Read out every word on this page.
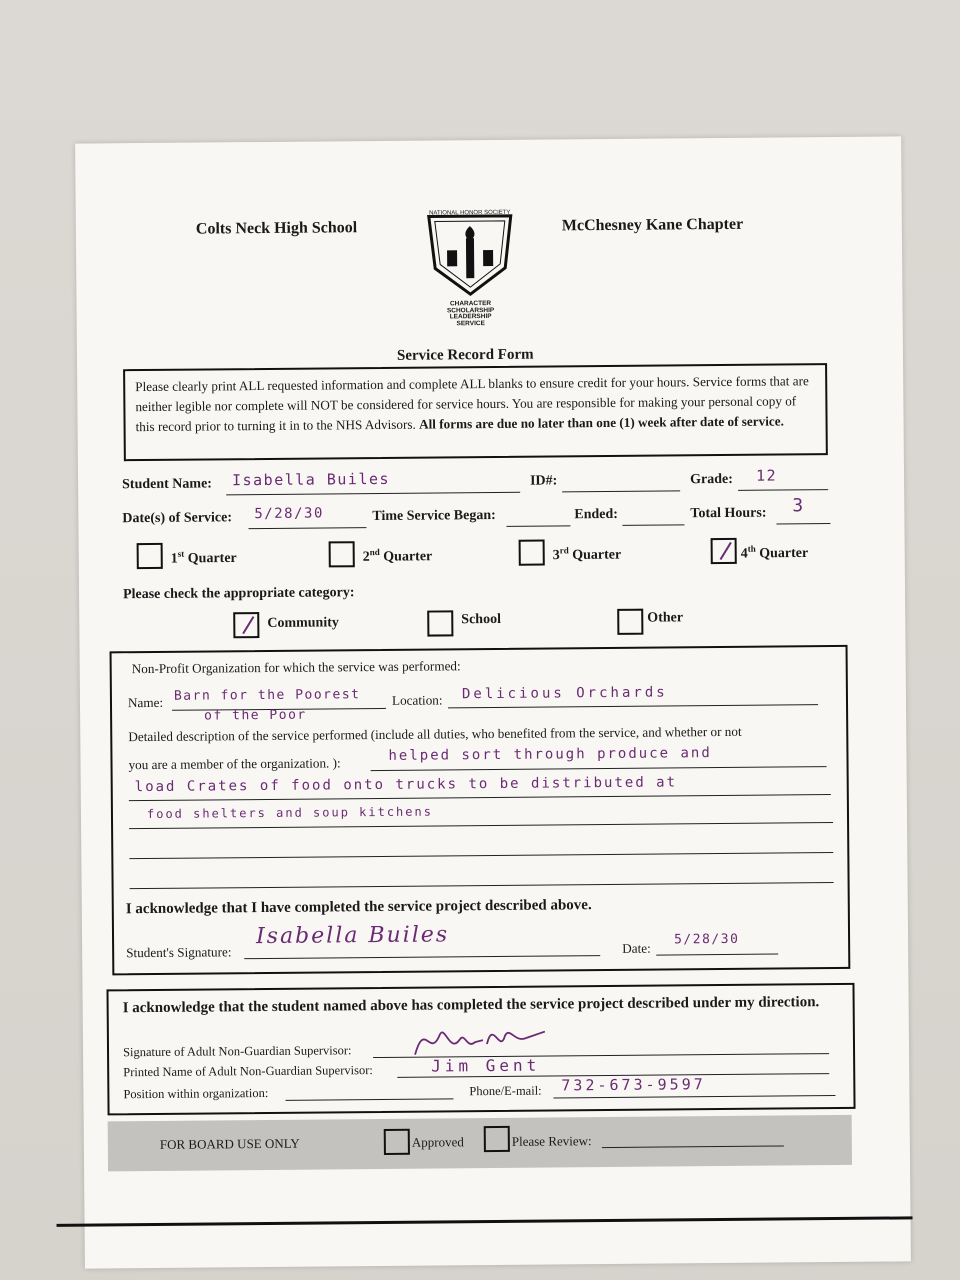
Colts Neck High School	McChesney Kane Chapter
NATIONAL HONOR SOCIETY
CHARACTER
SCHOLARSHIP
LEADERSHIP
SERVICE
Service Record Form
Please clearly print ALL requested information and complete ALL blanks to ensure credit for your hours. Service forms that are neither legible nor complete will NOT be considered for service hours. You are responsible for making your personal copy of this record prior to turning it in to the NHS Advisors. All forms are due no later than one (1) week after date of service.
Student Name: Isabella Builes	ID#:	Grade: 12
Date(s) of Service: 5/28/30	Time Service Began:	Ended:	Total Hours: 3
1st Quarter	2nd Quarter	3rd Quarter	4th Quarter
Please check the appropriate category:
Community	School	Other
Non-Profit Organization for which the service was performed:
Name: Barn for the Poorest
of the Poor
Location: Delicious Orchards
Detailed description of the service performed (include all duties, who benefited from the service, and whether or not
you are a member of the organization. ):	helped sort through produce and
load Crates of food onto trucks to be distributed at
food shelters and soup kitchens
I acknowledge that I have completed the service project described above.
Student's Signature:
Isabella Builes	Date:
5/28/30
I acknowledge that the student named above has completed the service project described under my direction.
Signature of Adult Non-Guardian Supervisor:
Printed Name of Adult Non-Guardian Supervisor:	Jim Gent
Position within organization:	Phone/E-mail: 732-673-9597
FOR BOARD USE ONLY	Approved	Please Review:
